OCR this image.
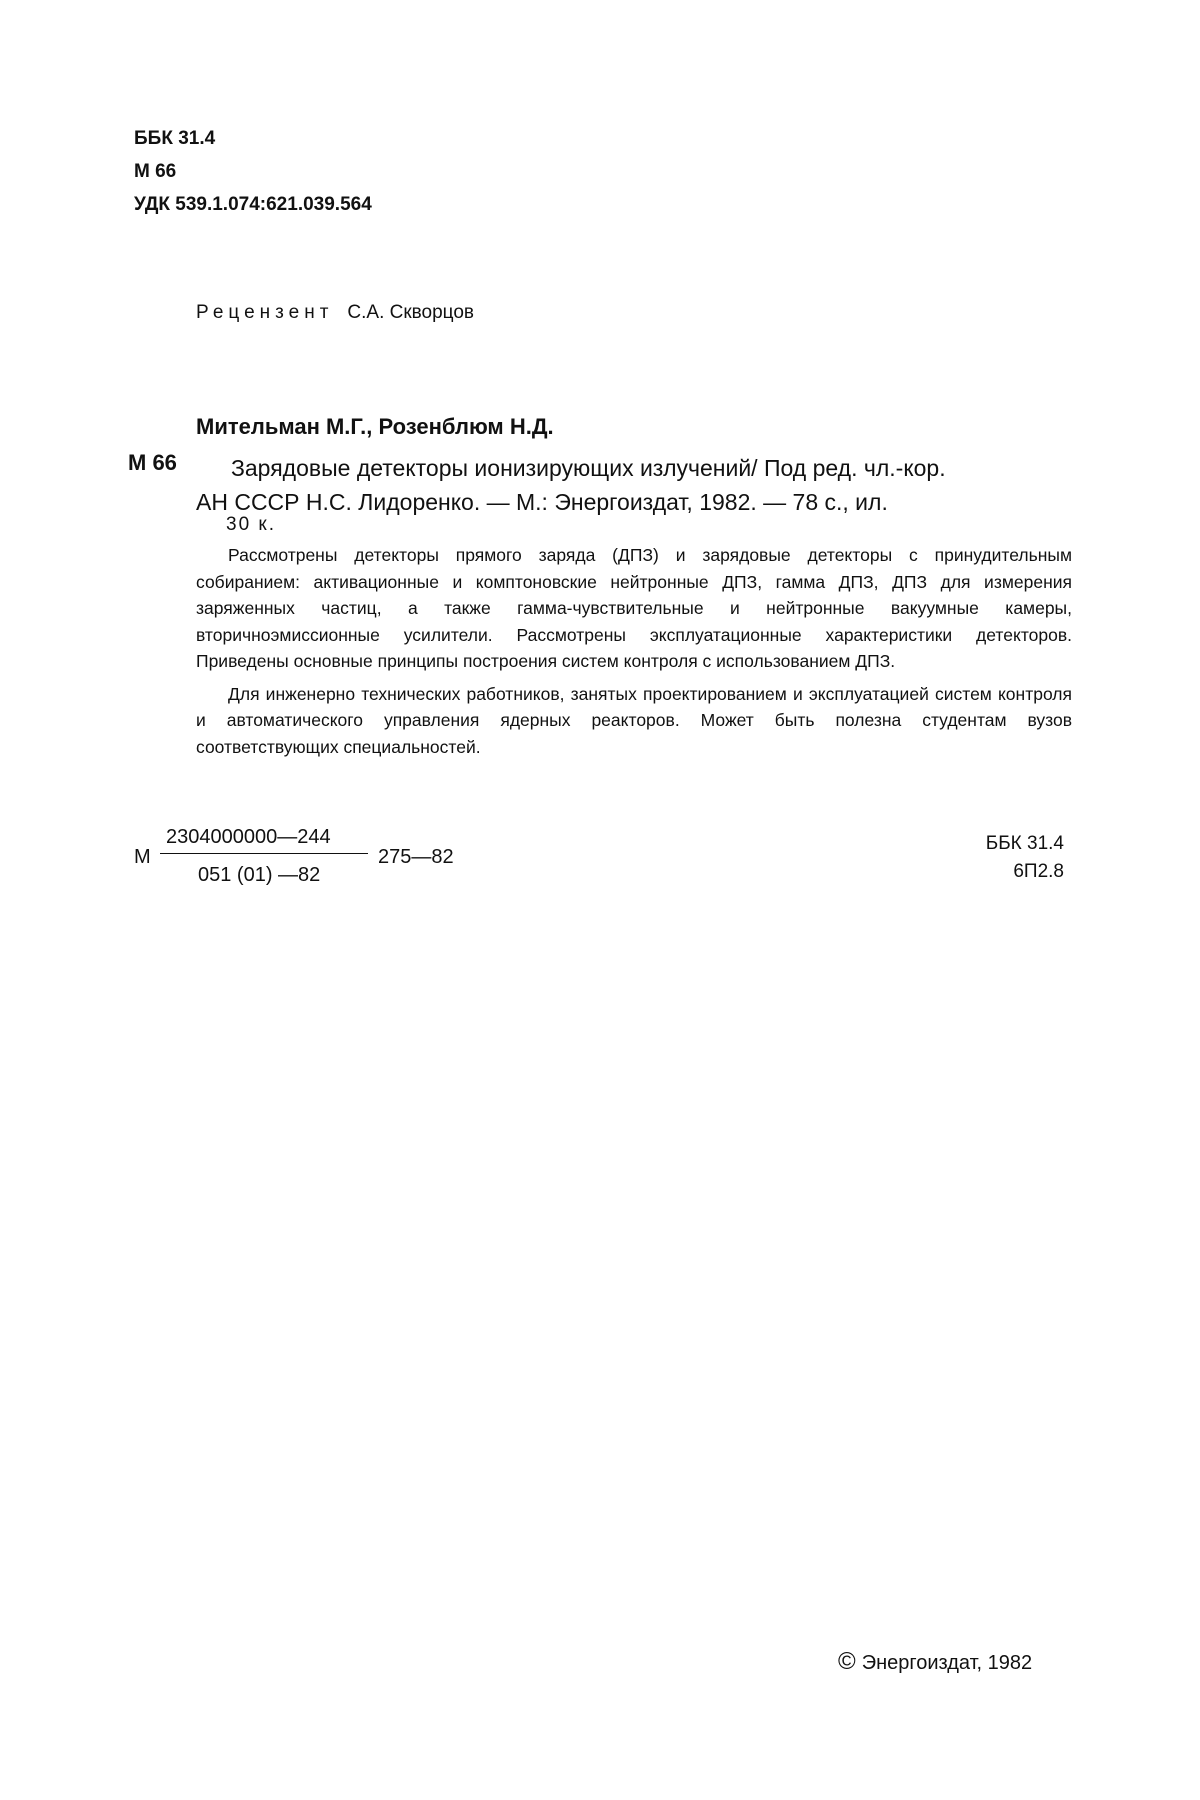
ББК 31.4
М 66
УДК 539.1.074:621.039.564
Рецензент С.А. Скворцов
Мительман М.Г., Розенблюм Н.Д.
М 66 Зарядовые детекторы ионизирующих излучений/ Под ред. чл.-кор.
АН СССР Н.С. Лидоренко. — М.: Энергоиздат, 1982. — 78 с., ил.
30 к.

Рассмотрены детекторы прямого заряда (ДПЗ) и зарядовые детекторы с принудительным собиранием: активационные и комптоновские нейтронные ДПЗ, гамма ДПЗ, ДПЗ для измерения заряженных частиц, а также гамма-чувствительные и нейтронные вакуумные камеры, вторичноэмиссионные усилители. Рассмотрены эксплуатационные характеристики детекторов. Приведены основные принципы построения систем контроля с использованием ДПЗ.

Для инженерно технических работников, занятых проектированием и эксплуатацией систем контроля и автоматического управления ядерных реакторов. Может быть полезна студентам вузов соответствующих специальностей.

М
2304000000—244
051 (01) —82
275—82
ББК 31.4
6П2.8
© Энергоиздат, 1982
